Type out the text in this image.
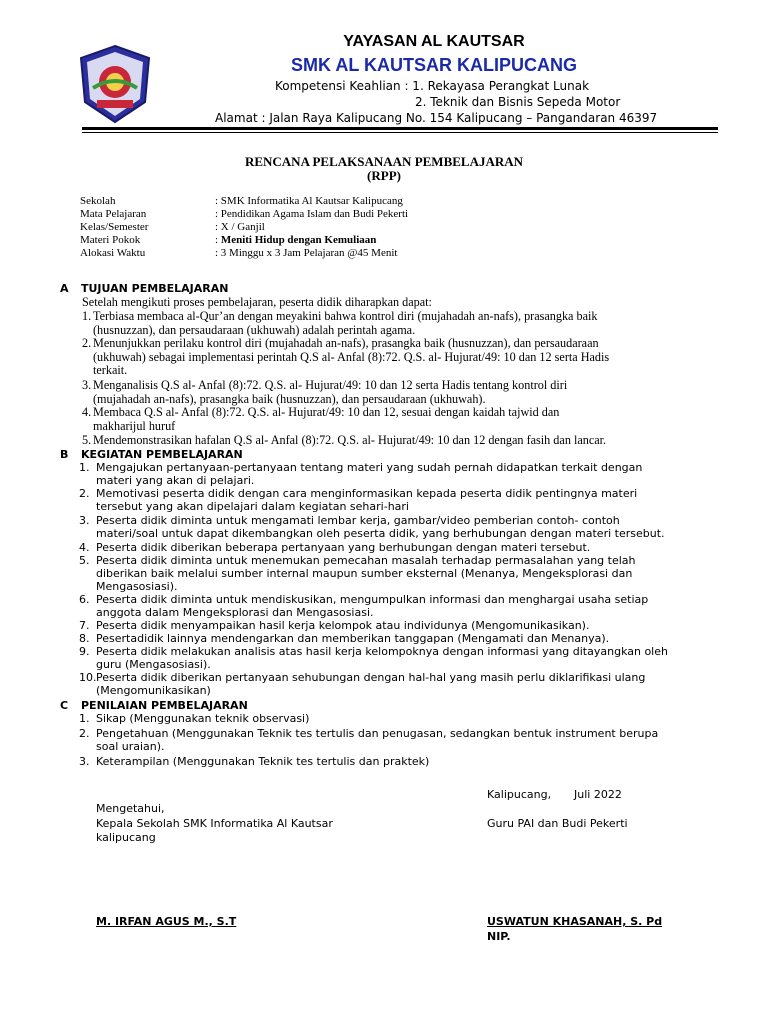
YAYASAN AL KAUTSAR
SMK AL KAUTSAR KALIPUCANG
Kompetensi Keahlian : 1. Rekayasa Perangkat Lunak
2. Teknik dan Bisnis Sepeda Motor
Alamat : Jalan Raya Kalipucang No. 154 Kalipucang – Pangandaran 46397
RENCANA PELAKSANAAN PEMBELAJARAN
(RPP)
Sekolah	: SMK Informatika Al Kautsar Kalipucang
Mata Pelajaran	: Pendidikan Agama Islam dan Budi Pekerti
Kelas/Semester	: X / Ganjil
Materi Pokok	: Meniti Hidup dengan Kemuliaan
Alokasi Waktu	: 3 Minggu x 3 Jam Pelajaran @45 Menit
A TUJUAN PEMBELAJARAN
Setelah mengikuti proses pembelajaran, peserta didik diharapkan dapat:
1. Terbiasa membaca al-Qur’an dengan meyakini bahwa kontrol diri (mujahadah an-nafs), prasangka baik
(husnuzzan), dan persaudaraan (ukhuwah) adalah perintah agama.
2. Menunjukkan perilaku kontrol diri (mujahadah an-nafs), prasangka baik (husnuzzan), dan persaudaraan
(ukhuwah) sebagai implementasi perintah Q.S al- Anfal (8):72. Q.S. al- Hujurat/49: 10 dan 12 serta Hadis
terkait.
3. Menganalisis Q.S al- Anfal (8):72. Q.S. al- Hujurat/49: 10 dan 12 serta Hadis tentang kontrol diri
(mujahadah an-nafs), prasangka baik (husnuzzan), dan persaudaraan (ukhuwah).
4. Membaca Q.S al- Anfal (8):72. Q.S. al- Hujurat/49: 10 dan 12, sesuai dengan kaidah tajwid dan
makharijul huruf
5. Mendemonstrasikan hafalan Q.S al- Anfal (8):72. Q.S. al- Hujurat/49: 10 dan 12 dengan fasih dan lancar.
B KEGIATAN PEMBELAJARAN
1. Mengajukan pertanyaan-pertanyaan tentang materi yang sudah pernah didapatkan terkait dengan
materi yang akan di pelajari.
2. Memotivasi peserta didik dengan cara menginformasikan kepada peserta didik pentingnya materi
tersebut yang akan dipelajari dalam kegiatan sehari-hari
3. Peserta didik diminta untuk mengamati lembar kerja, gambar/video pemberian contoh- contoh
materi/soal untuk dapat dikembangkan oleh peserta didik, yang berhubungan dengan materi tersebut.
4. Peserta didik diberikan beberapa pertanyaan yang berhubungan dengan materi tersebut.
5. Peserta didik diminta untuk menemukan pemecahan masalah terhadap permasalahan yang telah
diberikan baik melalui sumber internal maupun sumber eksternal (Menanya, Mengeksplorasi dan
Mengasosiasi).
6. Peserta didik diminta untuk mendiskusikan, mengumpulkan informasi dan menghargai usaha setiap
anggota dalam Mengeksplorasi dan Mengasosiasi.
7. Peserta didik menyampaikan hasil kerja kelompok atau individunya (Mengomunikasikan).
8. Pesertadidik lainnya mendengarkan dan memberikan tanggapan (Mengamati dan Menanya).
9. Peserta didik melakukan analisis atas hasil kerja kelompoknya dengan informasi yang ditayangkan oleh
guru (Mengasosiasi).
10. Peserta didik diberikan pertanyaan sehubungan dengan hal-hal yang masih perlu diklarifikasi ulang
(Mengomunikasikan)
C PENILAIAN PEMBELAJARAN
1. Sikap (Menggunakan teknik observasi)
2. Pengetahuan (Menggunakan Teknik tes tertulis dan penugasan, sedangkan bentuk instrument berupa
soal uraian).
3. Keterampilan (Menggunakan Teknik tes tertulis dan praktek)
Kalipucang, Juli 2022
Mengetahui,
Kepala Sekolah SMK Informatika Al Kautsar
kalipucang
Guru PAI dan Budi Pekerti
M. IRFAN AGUS M., S.T	USWATUN KHASANAH, S. Pd
NIP.
